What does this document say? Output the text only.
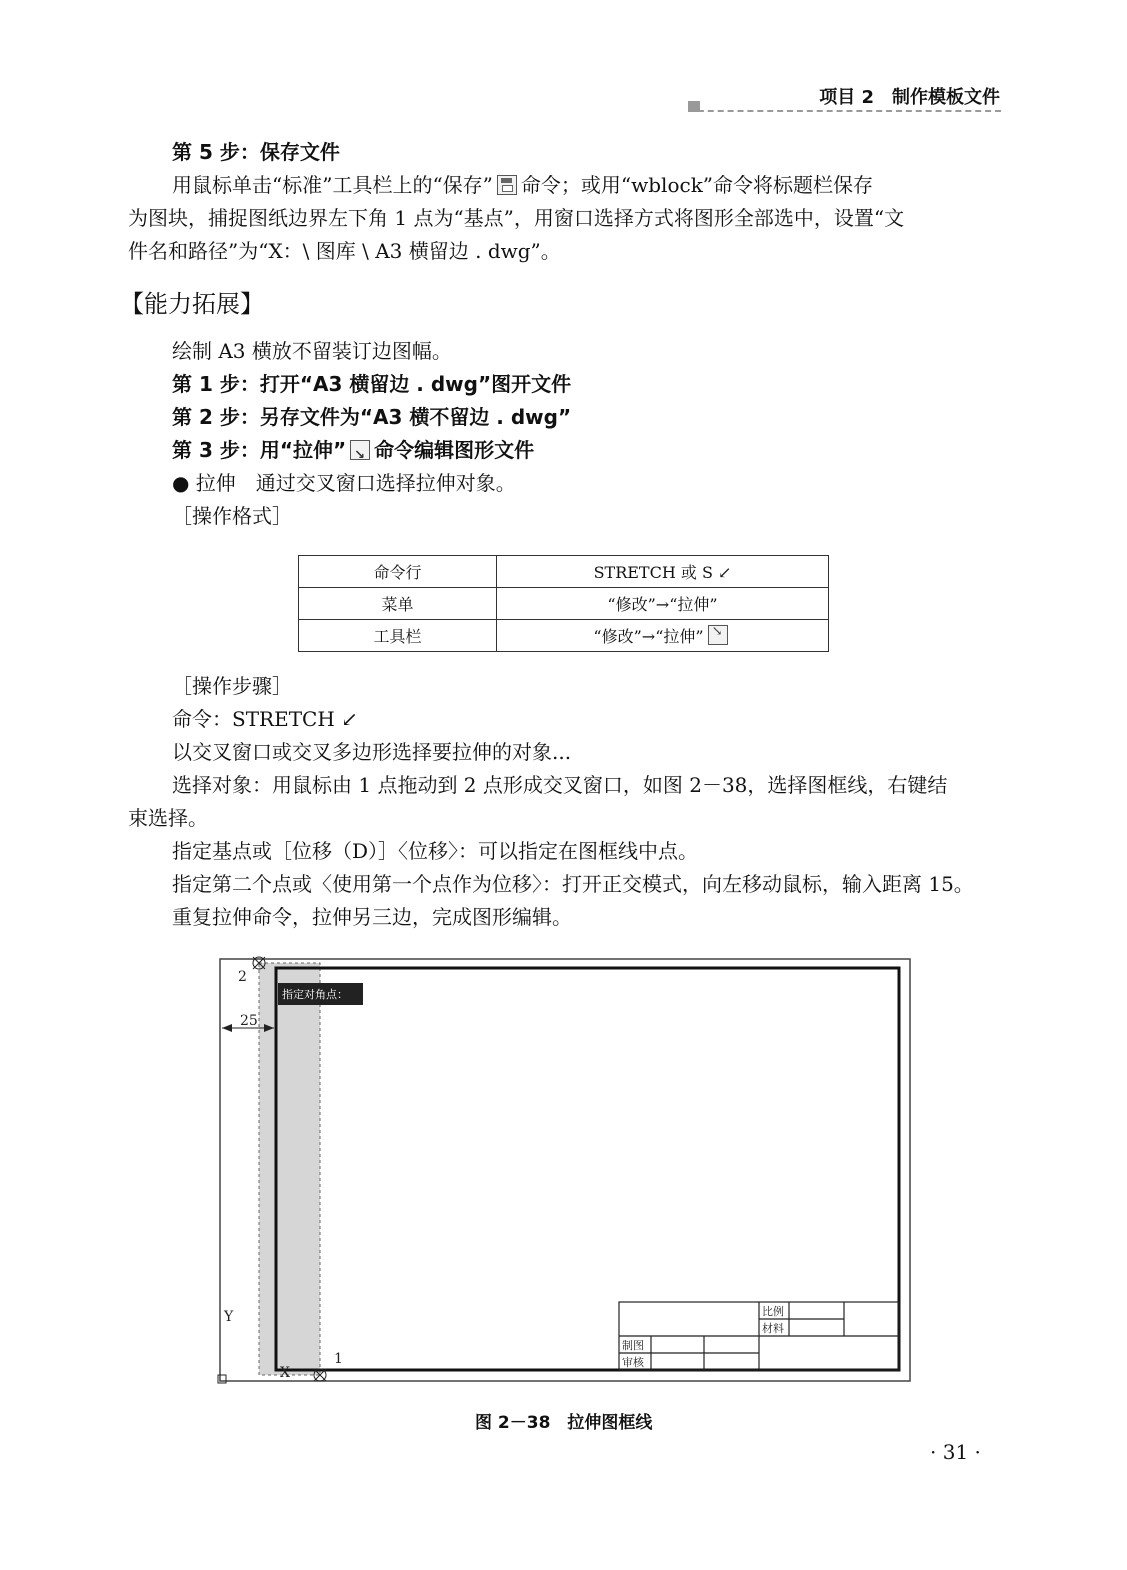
项目 2　制作模板文件
第 5 步：保存文件
用鼠标单击“标准”工具栏上的“保存” 命令；或用“wblock”命令将标题栏保存
为图块，捕捉图纸边界左下角 1 点为“基点”，用窗口选择方式将图形全部选中，设置“文
件名和路径”为“X：\ 图库 \ A3 横留边 . dwg”。
【能力拓展】
绘制 A3 横放不留装订边图幅。
第 1 步：打开“A3 横留边 . dwg”图开文件
第 2 步：另存文件为“A3 横不留边 . dwg”
第 3 步：用“拉伸” ↘ 命令编辑图形文件
● 拉伸　通过交叉窗口选择拉伸对象。
［操作格式］
命令行	STRETCH 或 S ↙
菜单	“修改”→“拉伸”
工具栏	“修改”→“拉伸”↘
［操作步骤］
命令：STRETCH ↙
以交叉窗口或交叉多边形选择要拉伸的对象...
选择对象：用鼠标由 1 点拖动到 2 点形成交叉窗口，如图 2－38，选择图框线，右键结
束选择。
指定基点或［位移（D）］〈位移〉：可以指定在图框线中点。
指定第二个点或〈使用第一个点作为位移〉：打开正交模式，向左移动鼠标，输入距离 15。
重复拉伸命令，拉伸另三边，完成图形编辑。
指定对角点：
25
2
1
Y
X
比例
材料
制图
审核
图 2－38　拉伸图框线
· 31 ·
